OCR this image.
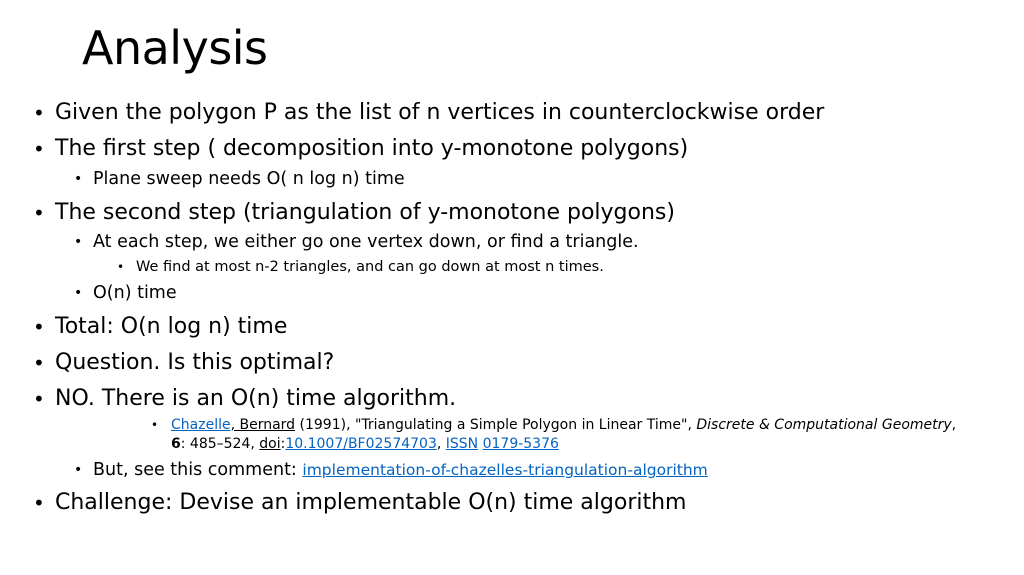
Analysis
• Given the polygon P as the list of n vertices in counterclockwise order
• The first step ( decomposition into y-monotone polygons)
• Plane sweep needs O( n log n) time
• The second step (triangulation of y-monotone polygons)
• At each step, we either go one vertex down, or find a triangle.
• We find at most n-2 triangles, and can go down at most n times.
• O(n) time
• Total: O(n log n) time
• Question. Is this optimal?
• NO. There is an O(n) time algorithm.
• Chazelle, Bernard (1991), "Triangulating a Simple Polygon in Linear Time", Discrete & Computational Geometry, 6: 485–524, doi:10.1007/BF02574703, ISSN 0179-5376
• But, see this comment: implementation-of-chazelles-triangulation-algorithm
• Challenge: Devise an implementable O(n) time algorithm
